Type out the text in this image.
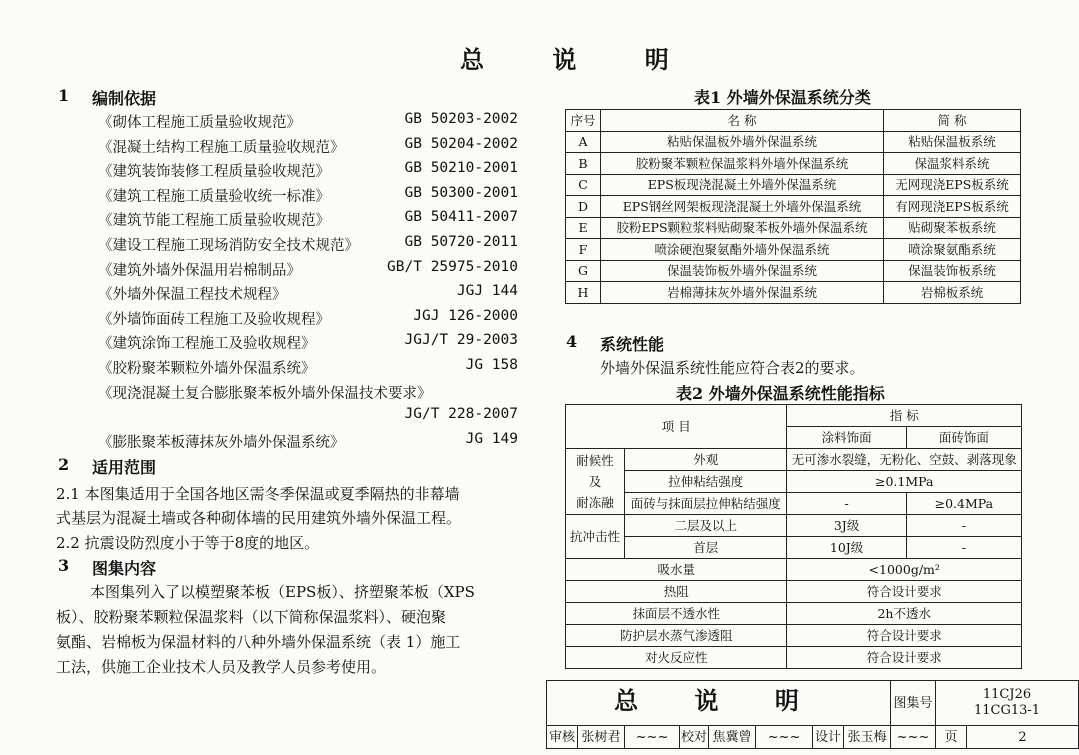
总 说 明
1 编制依据
《砌体工程施工质量验收规范》	GB 50203-2002
《混凝土结构工程施工质量验收规范》	GB 50204-2002
《建筑装饰装修工程质量验收规范》	GB 50210-2001
《建筑工程施工质量验收统一标准》	GB 50300-2001
《建筑节能工程施工质量验收规范》	GB 50411-2007
《建设工程施工现场消防安全技术规范》	GB 50720-2011
《建筑外墙外保温用岩棉制品》	GB/T 25975-2010
《外墙外保温工程技术规程》	JGJ 144
《外墙饰面砖工程施工及验收规程》	JGJ 126-2000
《建筑涂饰工程施工及验收规程》	JGJ/T 29-2003
《胶粉聚苯颗粒外墙外保温系统》	JG 158
《现浇混凝土复合膨胀聚苯板外墙外保温技术要求》
JG/T 228-2007
《膨胀聚苯板薄抹灰外墙外保温系统》	JG 149
2 适用范围
2.1 本图集适用于全国各地区需冬季保温或夏季隔热的非幕墙
式基层为混凝土墙或各种砌体墙的民用建筑外墙外保温工程。
2.2 抗震设防烈度小于等于8度的地区。
3 图集内容
本图集列入了以模塑聚苯板（EPS板）、挤塑聚苯板（XPS
板）、胶粉聚苯颗粒保温浆料（以下简称保温浆料）、硬泡聚
氨酯、岩棉板为保温材料的八种外墙外保温系统（表 1）施工
工法，供施工企业技术人员及教学人员参考使用。
表1 外墙外保温系统分类
序号	名 称	简 称
A	粘贴保温板外墙外保温系统	粘贴保温板系统
B	胶粉聚苯颗粒保温浆料外墙外保温系统	保温浆料系统
C	EPS板现浇混凝土外墙外保温系统	无网现浇EPS板系统
D	EPS钢丝网架板现浇混凝土外墙外保温系统	有网现浇EPS板系统
E	胶粉EPS颗粒浆料贴砌聚苯板外墙外保温系统	贴砌聚苯板系统
F	喷涂硬泡聚氨酯外墙外保温系统	喷涂聚氨酯系统
G	保温装饰板外墙外保温系统	保温装饰板系统
H	岩棉薄抹灰外墙外保温系统	岩棉板系统
4 系统性能
外墙外保温系统性能应符合表2的要求。
表2 外墙外保温系统性能指标
项 目		指 标	
		涂料饰面	面砖饰面
耐候性
及
耐冻融	外观	无可渗水裂缝，无粉化、空鼓、剥落现象	
	拉伸粘结强度	≥0.1MPa	
	面砖与抹面层拉伸粘结强度	-	≥0.4MPa
抗冲击性	二层及以上	3J级	-
	首层	10J级	-
吸水量		<1000g/m²	
热阻		符合设计要求	
抹面层不透水性		2h不透水	
防护层水蒸气渗透阻		符合设计要求	
对火反应性		符合设计要求	
总 说 明								图集号	11CJ26
11CG13-1	

审核	张树君	~~~	校对	焦冀曾	~~~	设计	张玉梅	~~~	页	2
